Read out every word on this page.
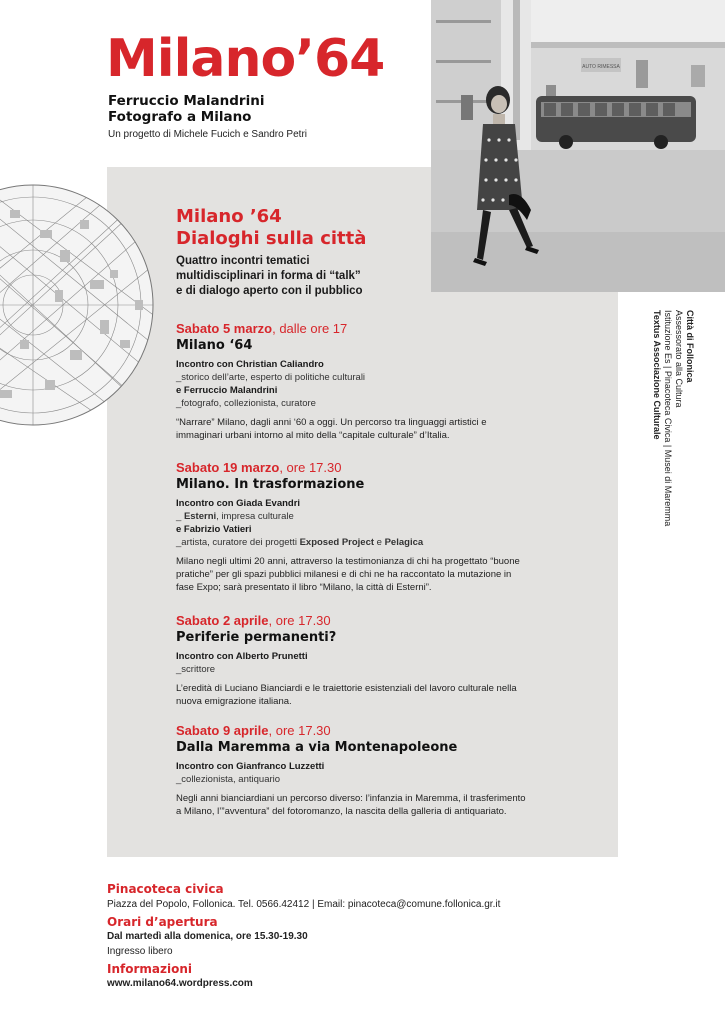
Milano’64
Ferruccio Malandrini
Fotografo a Milano
Un progetto di Michele Fucich e Sandro Petri
AUTO RIMESSA
Milano ’64
Dialoghi sulla città
Quattro incontri tematici
multidisciplinari in forma di “talk”
e di dialogo aperto con il pubblico
Sabato 5 marzo, dalle ore 17
Milano ‘64
Incontro con Christian Caliandro
_storico dell’arte, esperto di politiche culturali
e Ferruccio Malandrini
_fotografo, collezionista, curatore
“Narrare” Milano, dagli anni ‘60 a oggi. Un percorso tra linguaggi artistici e
immaginari urbani intorno al mito della “capitale culturale” d’Italia.
Sabato 19 marzo, ore 17.30
Milano. In trasformazione
Incontro con Giada Evandri
_ Esterni, impresa culturale
e Fabrizio Vatieri
_artista, curatore dei progetti Exposed Project e Pelagica
Milano negli ultimi 20 anni, attraverso la testimonianza di chi ha progettato “buone
pratiche” per gli spazi pubblici milanesi e di chi ne ha raccontato la mutazione in
fase Expo; sarà presentato il libro “Milano, la città di Esterni”.
Sabato 2 aprile, ore 17.30
Periferie permanenti?
Incontro con Alberto Prunetti
_scrittore
L’eredità di Luciano Bianciardi e le traiettorie esistenziali del lavoro culturale nella
nuova emigrazione italiana.
Sabato 9 aprile, ore 17.30
Dalla Maremma a via Montenapoleone
Incontro con Gianfranco Luzzetti
_collezionista, antiquario
Negli anni bianciardiani un percorso diverso: l’infanzia in Maremma, il trasferimento
a Milano, l’”avventura” del fotoromanzo, la nascita della galleria di antiquariato.
Città di Follonica
Assessorato alla Cultura
Istituzione Es | Pinacoteca Civica | Musei di Maremma
Textus Associazione Culturale
Pinacoteca civica
Piazza del Popolo, Follonica. Tel. 0566.42412 | Email: pinacoteca@comune.follonica.gr.it
Orari d’apertura
Dal martedì alla domenica, ore 15.30-19.30
Ingresso libero
Informazioni
www.milano64.wordpress.com
